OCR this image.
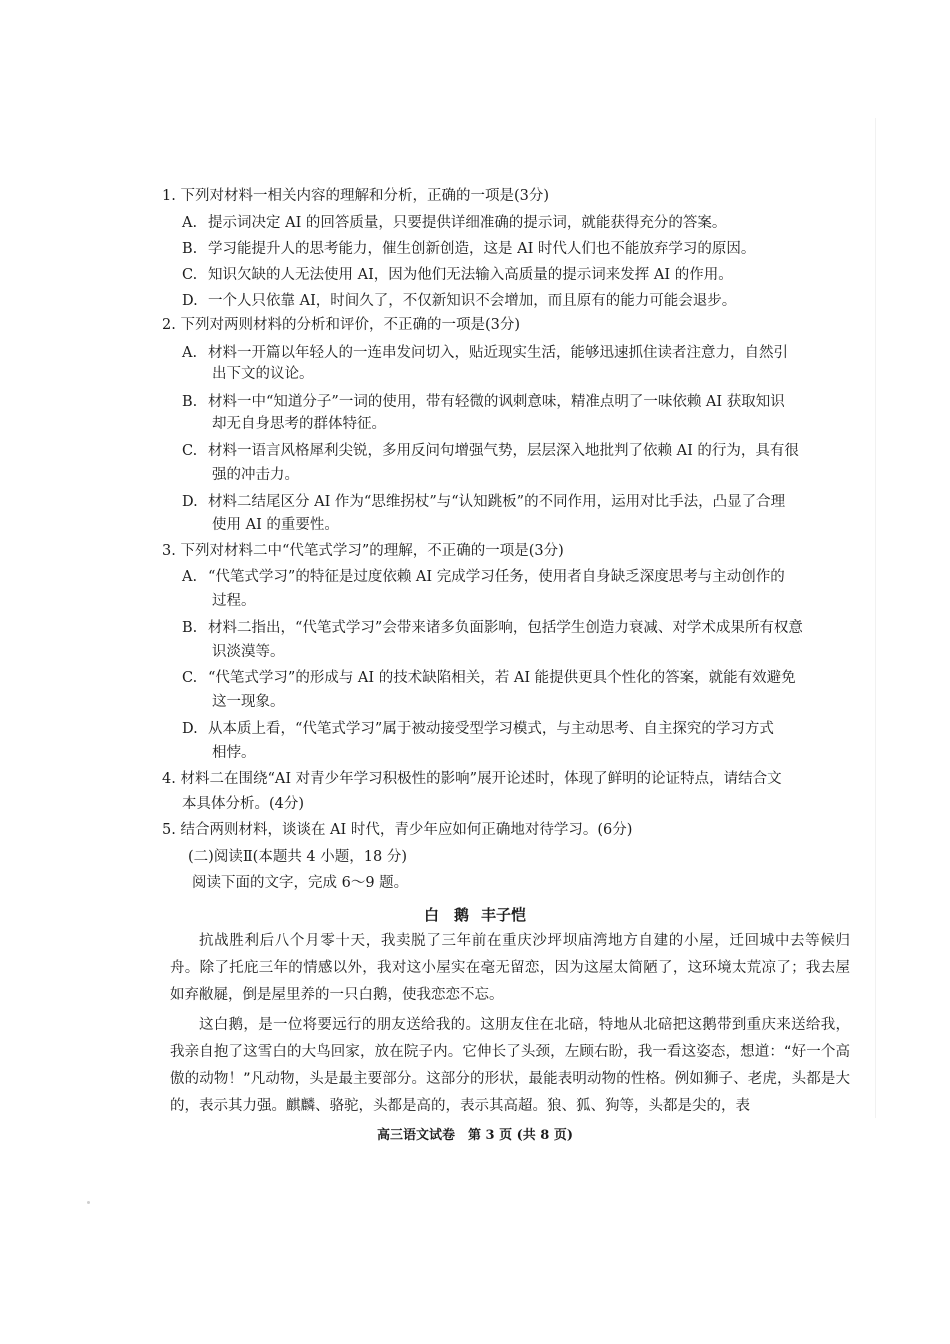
1. 下列对材料一相关内容的理解和分析，正确的一项是(3分)
A. 提示词决定 AI 的回答质量，只要提供详细准确的提示词，就能获得充分的答案。
B. 学习能提升人的思考能力，催生创新创造，这是 AI 时代人们也不能放弃学习的原因。
C. 知识欠缺的人无法使用 AI，因为他们无法输入高质量的提示词来发挥 AI 的作用。
D. 一个人只依靠 AI，时间久了，不仅新知识不会增加，而且原有的能力可能会退步。
2. 下列对两则材料的分析和评价，不正确的一项是(3分)
A. 材料一开篇以年轻人的一连串发问切入，贴近现实生活，能够迅速抓住读者注意力，自然引
出下文的议论。
B. 材料一中“知道分子”一词的使用，带有轻微的讽刺意味，精准点明了一味依赖 AI 获取知识
却无自身思考的群体特征。
C. 材料一语言风格犀利尖锐，多用反问句增强气势，层层深入地批判了依赖 AI 的行为，具有很
强的冲击力。
D. 材料二结尾区分 AI 作为“思维拐杖”与“认知跳板”的不同作用，运用对比手法，凸显了合理
使用 AI 的重要性。
3. 下列对材料二中“代笔式学习”的理解，不正确的一项是(3分)
A. “代笔式学习”的特征是过度依赖 AI 完成学习任务，使用者自身缺乏深度思考与主动创作的
过程。
B. 材料二指出，“代笔式学习”会带来诸多负面影响，包括学生创造力衰减、对学术成果所有权意
识淡漠等。
C. “代笔式学习”的形成与 AI 的技术缺陷相关，若 AI 能提供更具个性化的答案，就能有效避免
这一现象。
D. 从本质上看，“代笔式学习”属于被动接受型学习模式，与主动思考、自主探究的学习方式
相悖。
4. 材料二在围绕“AI 对青少年学习积极性的影响”展开论述时，体现了鲜明的论证特点，请结合文
本具体分析。(4分)
5. 结合两则材料，谈谈在 AI 时代，青少年应如何正确地对待学习。(6分)
(二)阅读Ⅱ(本题共 4 小题，18 分)
阅读下面的文字，完成 6～9 题。
白　鹅 丰子恺
抗战胜利后八个月零十天，我卖脱了三年前在重庆沙坪坝庙湾地方自建的小屋，迁回城中去等候归舟。除了托庇三年的情感以外，我对这小屋实在毫无留恋，因为这屋太简陋了，这环境太荒凉了；我去屋如弃敝屣，倒是屋里养的一只白鹅，使我恋恋不忘。
这白鹅，是一位将要远行的朋友送给我的。这朋友住在北碚，特地从北碚把这鹅带到重庆来送给我，我亲自抱了这雪白的大鸟回家，放在院子内。它伸长了头颈，左顾右盼，我一看这姿态，想道：“好一个高傲的动物！”凡动物，头是最主要部分。这部分的形状，最能表明动物的性格。例如狮子、老虎，头都是大的，表示其力强。麒麟、骆驼，头都是高的，表示其高超。狼、狐、狗等，头都是尖的，表
高三语文试卷　第 3 页 (共 8 页)
